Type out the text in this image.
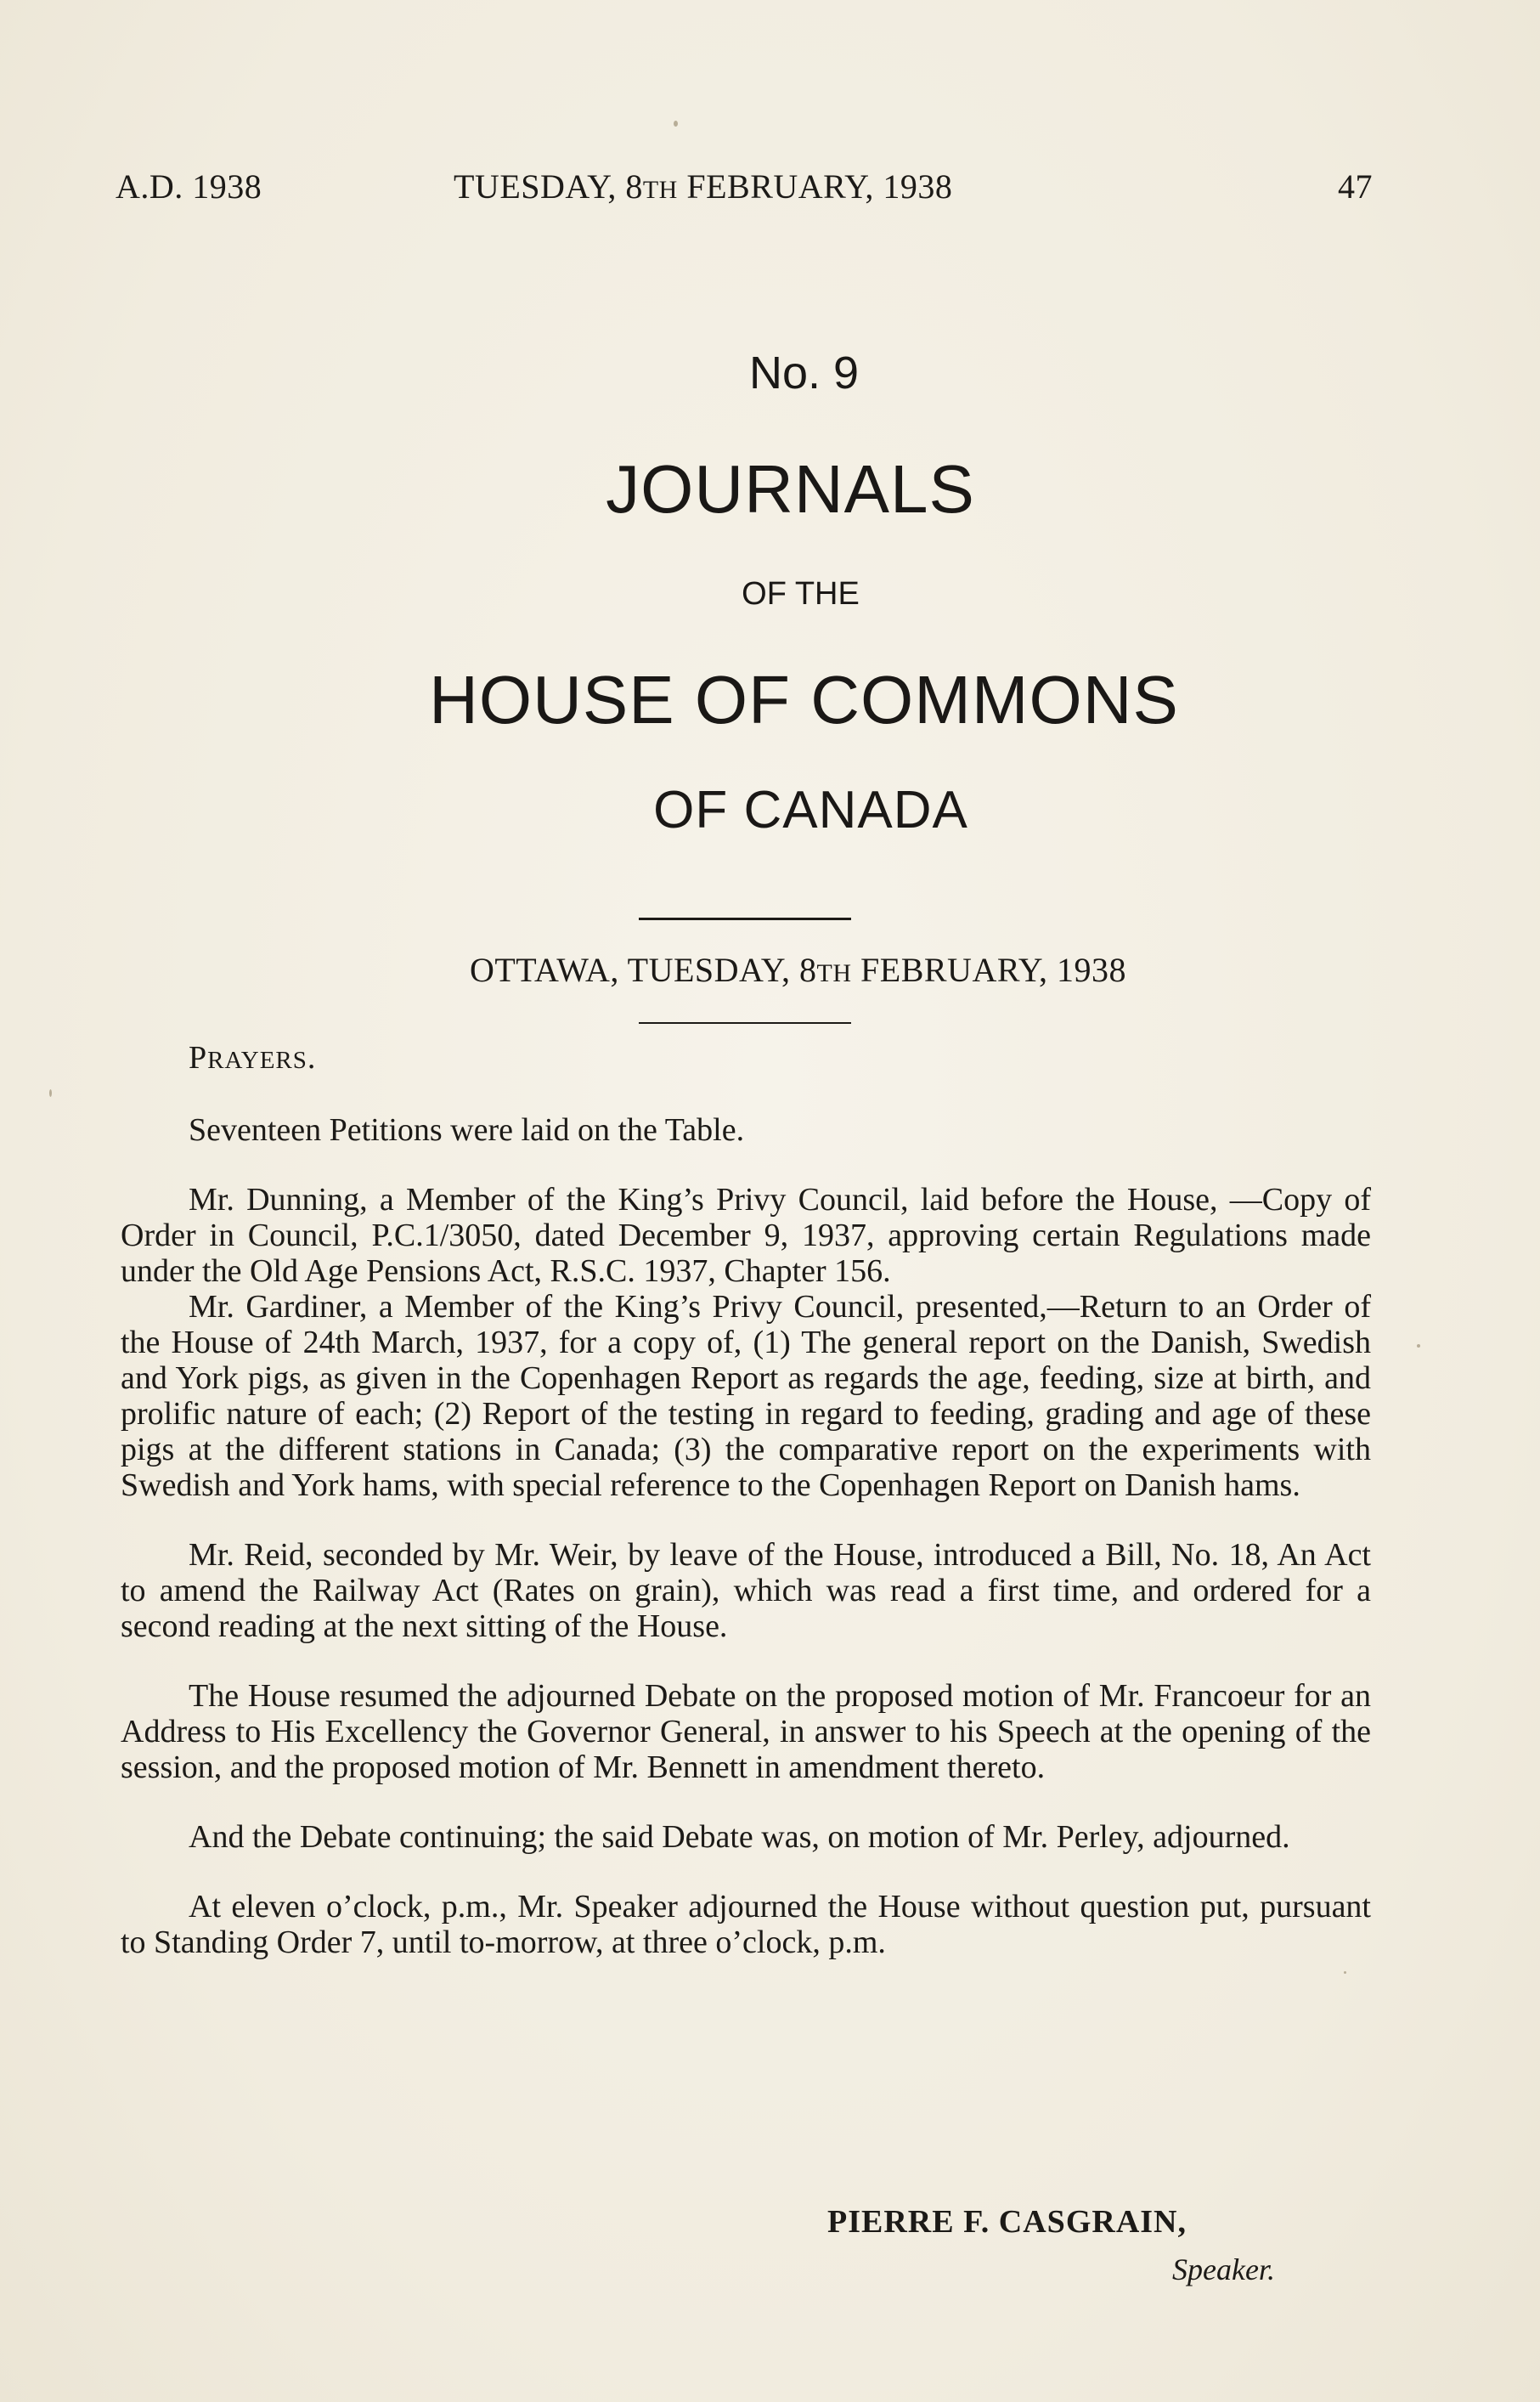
A.D. 1938	TUESDAY, 8TH FEBRUARY, 1938	47
No. 9
JOURNALS
OF THE
HOUSE OF COMMONS
OF CANADA
OTTAWA, TUESDAY, 8TH FEBRUARY, 1938

PRAYERS.

Seventeen Petitions were laid on the Table.

Mr. Dunning, a Member of the King’s Privy Council, laid before the House, —Copy of Order in Council, P.C.1/3050, dated December 9, 1937, approving certain Regulations made under the Old Age Pensions Act, R.S.C. 1937, Chapter 156.

Mr. Gardiner, a Member of the King’s Privy Council, presented,—Return to an Order of the House of 24th March, 1937, for a copy of, (1) The general report on the Danish, Swedish and York pigs, as given in the Copenhagen Report as regards the age, feeding, size at birth, and prolific nature of each; (2) Report of the testing in regard to feeding, grading and age of these pigs at the different stations in Canada; (3) the comparative report on the experiments with Swedish and York hams, with special reference to the Copenhagen Report on Danish hams.

Mr. Reid, seconded by Mr. Weir, by leave of the House, introduced a Bill, No. 18, An Act to amend the Railway Act (Rates on grain), which was read a first time, and ordered for a second reading at the next sitting of the House.

The House resumed the adjourned Debate on the proposed motion of Mr. Francoeur for an Address to His Excellency the Governor General, in answer to his Speech at the opening of the session, and the proposed motion of Mr. Bennett in amendment thereto.

And the Debate continuing; the said Debate was, on motion of Mr. Perley, adjourned.

At eleven o’clock, p.m., Mr. Speaker adjourned the House without question put, pursuant to Standing Order 7, until to-morrow, at three o’clock, p.m.

PIERRE F. CASGRAIN,
Speaker.
